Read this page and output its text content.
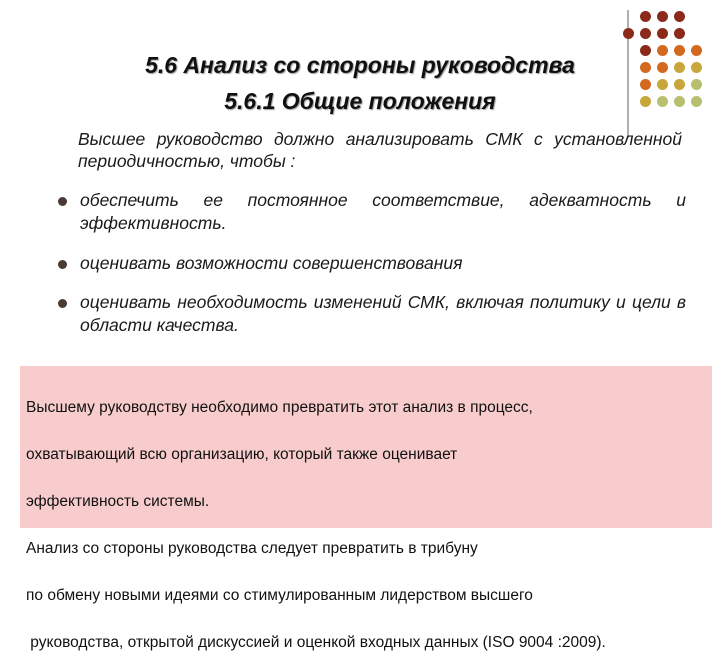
5.6 Анализ со стороны руководства
5.6.1 Общие положения

Высшее руководство должно анализировать СМК с установленной периодичностью, чтобы :

обеспечить ее постоянное соответствие, адекватность и эффективность.
оценивать возможности совершенствования
оценивать необходимость изменений СМК, включая политику и цели в области качества.

Высшему руководству необходимо превратить этот анализ в процесс,

охватывающий всю организацию, который также оценивает

эффективность системы.

Анализ со стороны руководства следует превратить в трибуну

по обмену новыми идеями со стимулированным лидерством высшего

руководства, открытой дискуссией и оценкой входных данных (ISO 9004 :2009).
